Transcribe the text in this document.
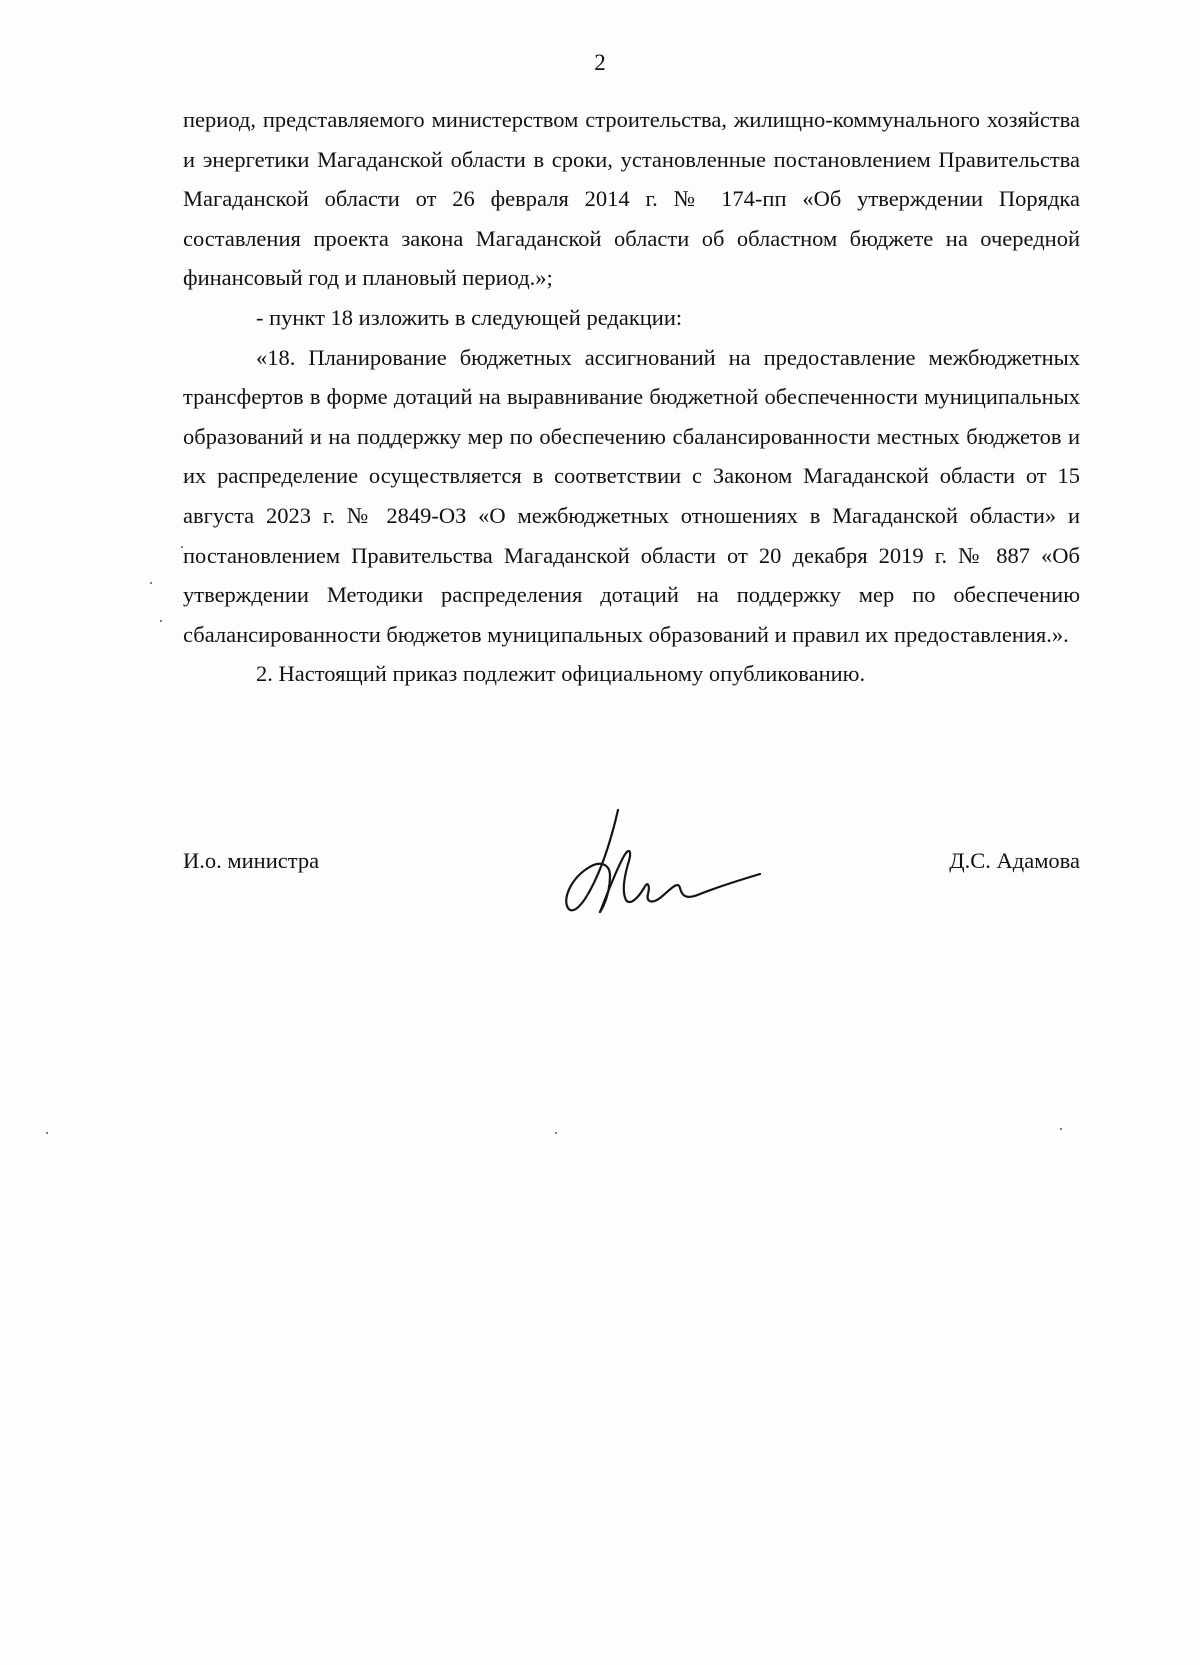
2

период, представляемого министерством строительства, жилищно-коммунального хозяйства и энергетики Магаданской области в сроки, установленные постановлением Правительства Магаданской области от 26 февраля 2014 г. № 174-пп «Об утверждении Порядка составления проекта закона Магаданской области об областном бюджете на очередной финансовый год и плановый период.»;

- пункт 18 изложить в следующей редакции:

«18. Планирование бюджетных ассигнований на предоставление межбюджетных трансфертов в форме дотаций на выравнивание бюджетной обеспеченности муниципальных образований и на поддержку мер по обеспечению сбалансированности местных бюджетов и их распределение осуществляется в соответствии с Законом Магаданской области от 15 августа 2023 г. № 2849-ОЗ «О межбюджетных отношениях в Магаданской области» и постановлением Правительства Магаданской области от 20 декабря 2019 г. № 887 «Об утверждении Методики распределения дотаций на поддержку мер по обеспечению сбалансированности бюджетов муниципальных образований и правил их предоставления.».

2. Настоящий приказ подлежит официальному опубликованию.

И.о. министра	Д.С. Адамова
